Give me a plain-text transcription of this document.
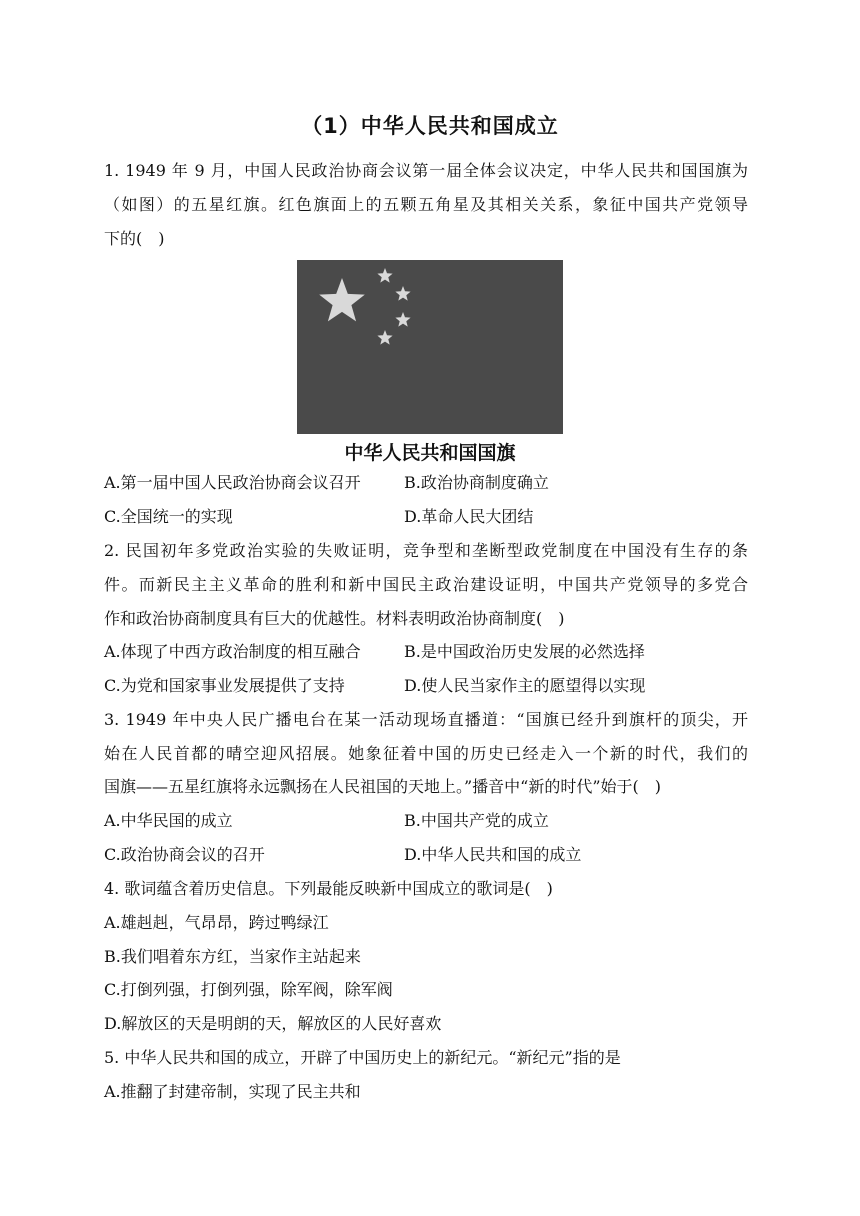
（1）中华人民共和国成立
1. 1949 年 9 月，中国人民政治协商会议第一届全体会议决定，中华人民共和国国旗为
（如图）的五星红旗。红色旗面上的五颗五角星及其相关关系，象征中国共产党领导
下的(　)
中华人民共和国国旗
A.第一届中国人民政治协商会议召开	B.政治协商制度确立
C.全国统一的实现	D.革命人民大团结
2. 民国初年多党政治实验的失败证明，竞争型和垄断型政党制度在中国没有生存的条
件。而新民主主义革命的胜利和新中国民主政治建设证明，中国共产党领导的多党合
作和政治协商制度具有巨大的优越性。材料表明政治协商制度(　)
A.体现了中西方政治制度的相互融合	B.是中国政治历史发展的必然选择
C.为党和国家事业发展提供了支持	D.使人民当家作主的愿望得以实现
3. 1949 年中央人民广播电台在某一活动现场直播道：“国旗已经升到旗杆的顶尖，开
始在人民首都的晴空迎风招展。她象征着中国的历史已经走入一个新的时代，我们的
国旗——五星红旗将永远飘扬在人民祖国的天地上。”播音中“新的时代”始于(　)
A.中华民国的成立	B.中国共产党的成立
C.政治协商会议的召开	D.中华人民共和国的成立
4. 歌词蕴含着历史信息。下列最能反映新中国成立的歌词是(　)
A.雄赳赳，气昂昂，跨过鸭绿江
B.我们唱着东方红，当家作主站起来
C.打倒列强，打倒列强，除军阀，除军阀
D.解放区的天是明朗的天，解放区的人民好喜欢
5. 中华人民共和国的成立，开辟了中国历史上的新纪元。“新纪元”指的是
A.推翻了封建帝制，实现了民主共和
